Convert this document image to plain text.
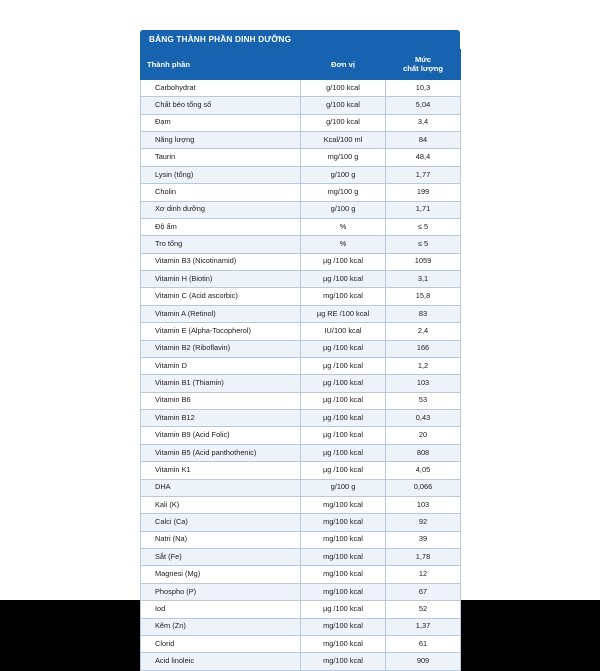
BẢNG THÀNH PHẦN DINH DƯỠNG
Thành phần	Đơn vị	Mức
chất lượng
Carbohydrat	g/100 kcal	10,3
Chất béo tổng số	g/100 kcal	5,04
Đạm	g/100 kcal	3,4
Năng lượng	Kcal/100 ml	84
Taurin	mg/100 g	48,4
Lysin (tổng)	g/100 g	1,77
Cholin	mg/100 g	199
Xơ dinh dưỡng	g/100 g	1,71
Độ ẩm	%	≤ 5
Tro tổng	%	≤ 5
Vitamin B3 (Nicotinamid)	µg /100 kcal	1059
Vitamin H (Biotin)	µg /100 kcal	3,1
Vitamin C (Acid ascorbic)	mg/100 kcal	15,8
Vitamin A (Retinol)	µg RE /100 kcal	83
Vitamin E (Alpha-Tocopherol)	IU/100 kcal	2,4
Vitamin B2 (Riboflavin)	µg /100 kcal	166
Vitamin D	µg /100 kcal	1,2
Vitamin B1 (Thiamin)	µg /100 kcal	103
Vitamin B6	µg /100 kcal	53
Vitamin B12	µg /100 kcal	0,43
Vitamin B9 (Acid Folic)	µg /100 kcal	20
Vitamin B5 (Acid panthothenic)	µg /100 kcal	808
Vitamin K1	µg /100 kcal	4,05
DHA	g/100 g	0,066
Kali (K)	mg/100 kcal	103
Calci (Ca)	mg/100 kcal	92
Natri (Na)	mg/100 kcal	39
Sắt (Fe)	mg/100 kcal	1,78
Magnesi (Mg)	mg/100 kcal	12
Phospho (P)	mg/100 kcal	67
Iod	µg /100 kcal	52
Kẽm (Zn)	mg/100 kcal	1,37
Clorid	mg/100 kcal	61
Acid linoleic	mg/100 kcal	909
